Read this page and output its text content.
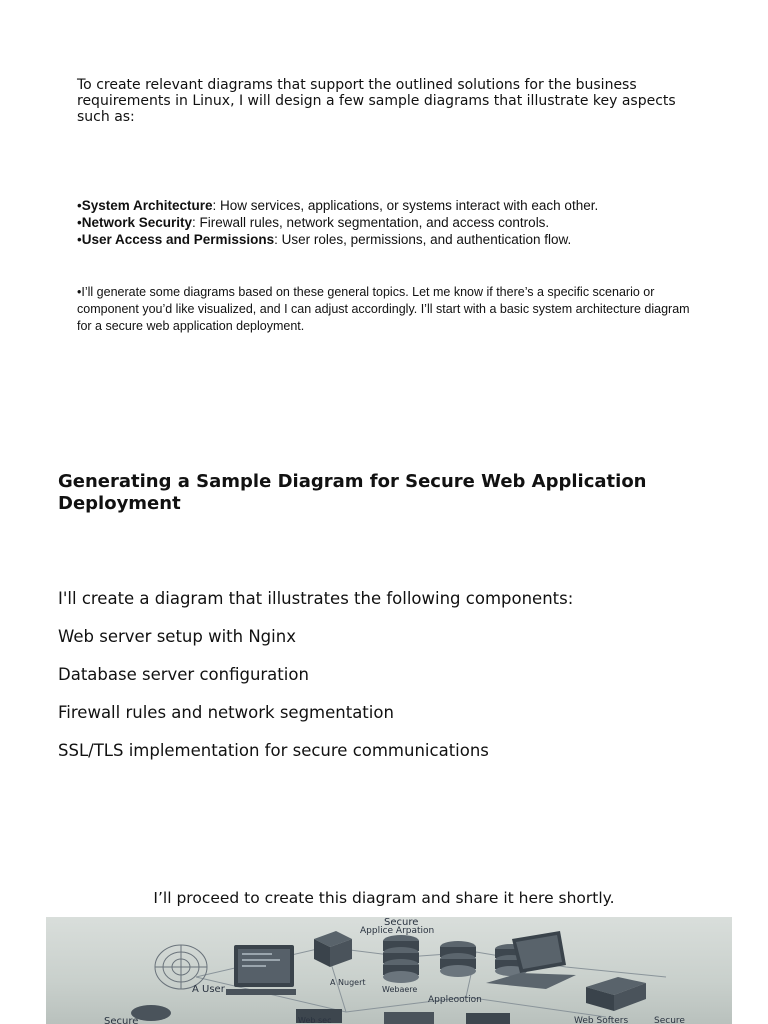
To create relevant diagrams that support the outlined solutions for the business requirements in Linux, I will design a few sample diagrams that illustrate key aspects such as:

•System Architecture: How services, applications, or systems interact with each other.
•Network Security: Firewall rules, network segmentation, and access controls.
•User Access and Permissions: User roles, permissions, and authentication flow.

•I’ll generate some diagrams based on these general topics. Let me know if there’s a specific scenario or component you’d like visualized, and I can adjust accordingly. I’ll start with a basic system architecture diagram for a secure web application deployment.

Generating a Sample Diagram for Secure Web Application Deployment
I'll create a diagram that illustrates the following components:
Web server setup with Nginx
Database server configuration
Firewall rules and network segmentation
SSL/TLS implementation for secure communications

I’ll proceed to create this diagram and share it here shortly.

Secure
Applice Arpation
A User
A Nugert
Webaere
Appleootion
Secure	Web sec	Web Softers	Secure
